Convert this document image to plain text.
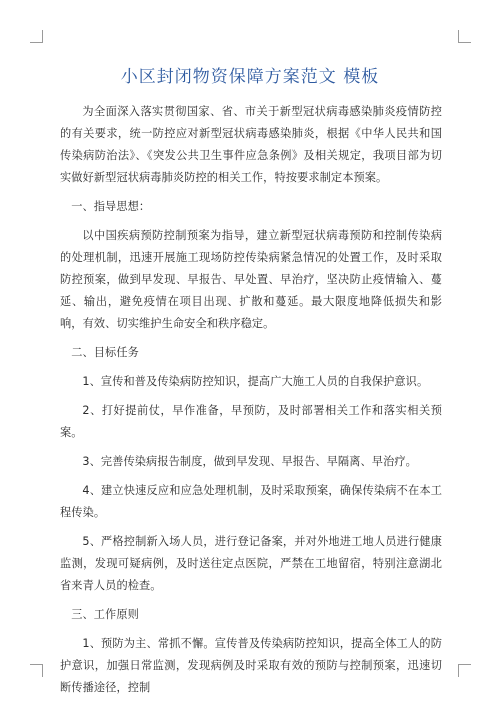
小区封闭物资保障方案范文 模板

为全面深入落实贯彻国家、省、市关于新型冠状病毒感染肺炎疫情防控的有关要求，统一防控应对新型冠状病毒感染肺炎，根据《中华人民共和国传染病防治法》、《突发公共卫生事件应急条例》及相关规定，我项目部为切实做好新型冠状病毒肺炎防控的相关工作，特按要求制定本预案。

一、指导思想：

以中国疾病预防控制预案为指导，建立新型冠状病毒预防和控制传染病的处理机制，迅速开展施工现场防控传染病紧急情况的处置工作，及时采取防控预案，做到早发现、早报告、早处置、早治疗，坚决防止疫情输入、蔓延、输出，避免疫情在项目出现、扩散和蔓延。最大限度地降低损失和影响，有效、切实维护生命安全和秩序稳定。

二、目标任务

1、宣传和普及传染病防控知识，提高广大施工人员的自我保护意识。

2、打好提前仗，早作准备，早预防，及时部署相关工作和落实相关预案。

3、完善传染病报告制度，做到早发现、早报告、早隔离、早治疗。

4、建立快速反应和应急处理机制，及时采取预案，确保传染病不在本工程传染。

5、严格控制新入场人员，进行登记备案，并对外地进工地人员进行健康监测，发现可疑病例，及时送往定点医院，严禁在工地留宿，特别注意湖北省来青人员的检查。

三、工作原则

1、预防为主、常抓不懈。宣传普及传染病防控知识，提高全体工人的防护意识，加强日常监测，发现病例及时采取有效的预防与控制预案，迅速切断传播途径，控制
